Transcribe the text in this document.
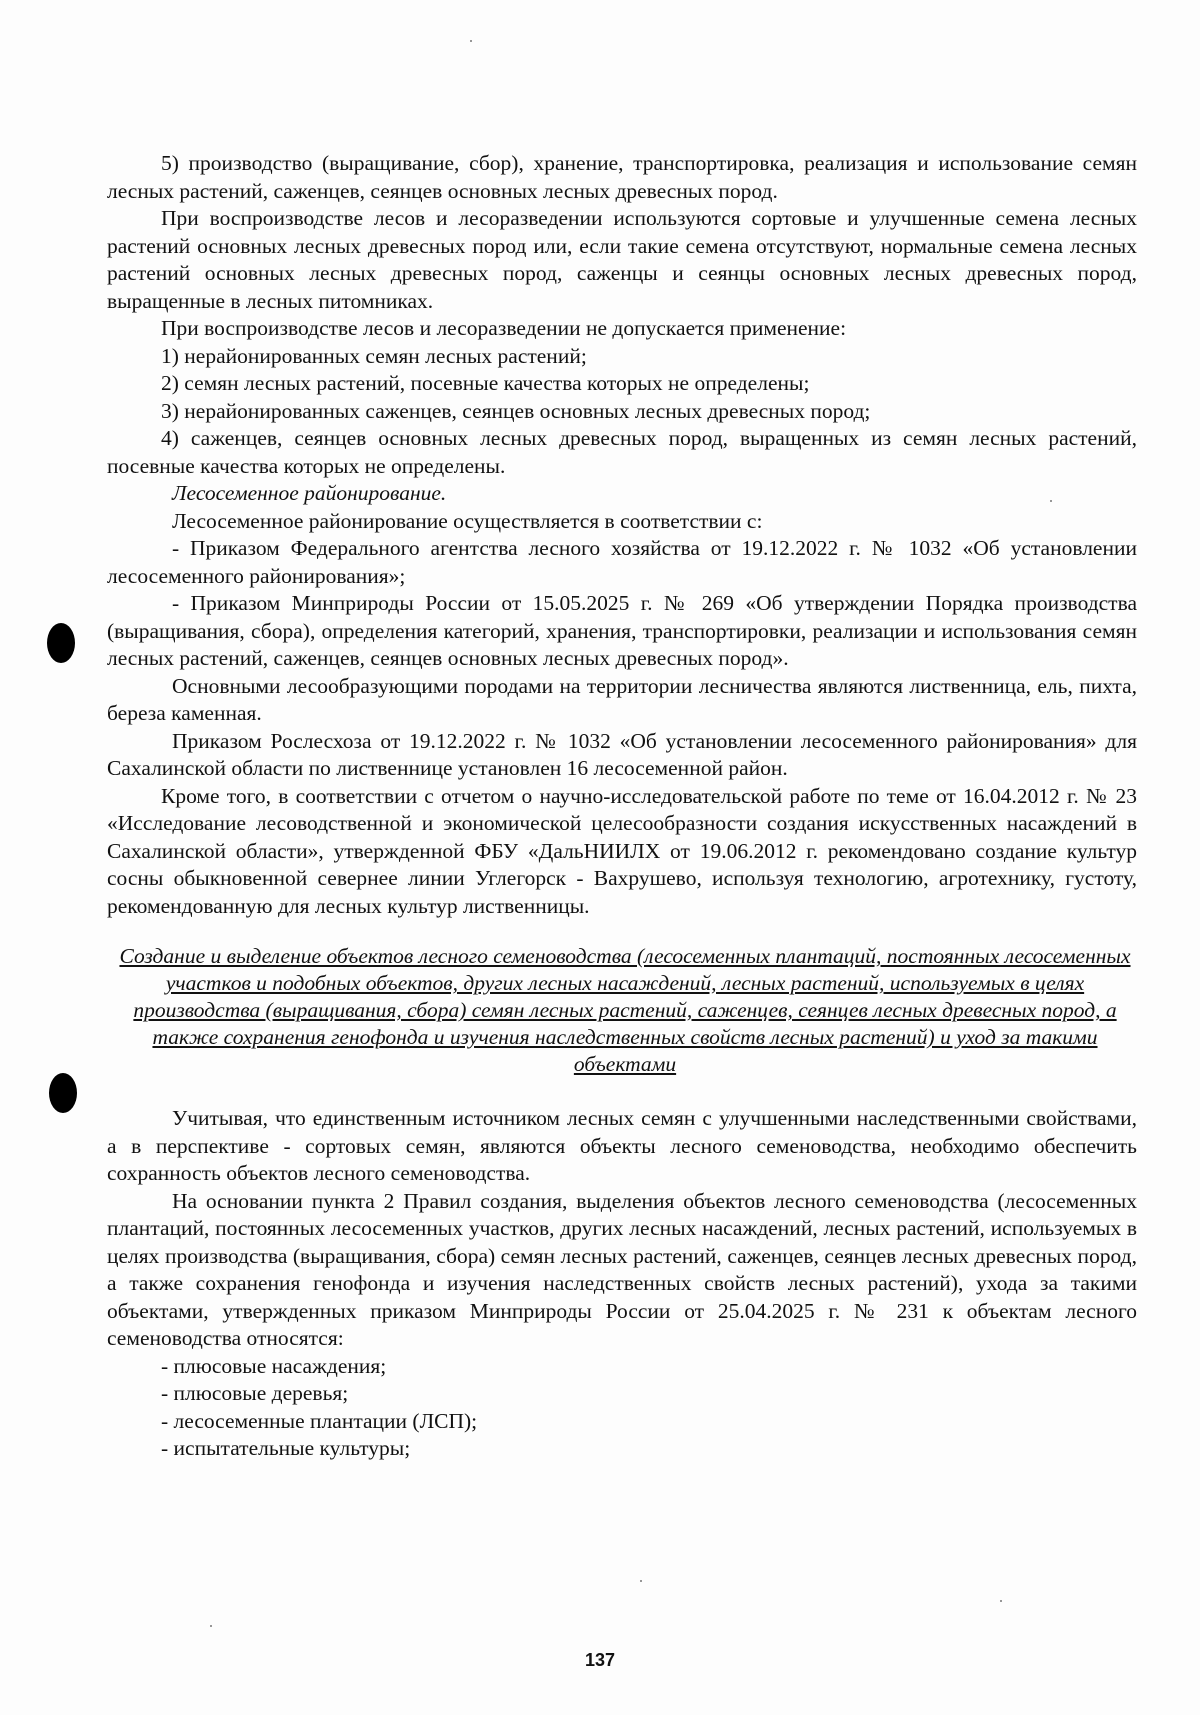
5) производство (выращивание, сбор), хранение, транспортировка, реализация и использование семян лесных растений, саженцев, сеянцев основных лесных древесных пород.

При воспроизводстве лесов и лесоразведении используются сортовые и улучшенные семена лесных растений основных лесных древесных пород или, если такие семена отсутствуют, нормальные семена лесных растений основных лесных древесных пород, саженцы и сеянцы основных лесных древесных пород, выращенные в лесных питомниках.

При воспроизводстве лесов и лесоразведении не допускается применение:

1) нерайонированных семян лесных растений;

2) семян лесных растений, посевные качества которых не определены;

3) нерайонированных саженцев, сеянцев основных лесных древесных пород;

4) саженцев, сеянцев основных лесных древесных пород, выращенных из семян лесных растений, посевные качества которых не определены.

Лесосеменное районирование.

Лесосеменное районирование осуществляется в соответствии с:

- Приказом Федерального агентства лесного хозяйства от 19.12.2022 г. № 1032 «Об установлении лесосеменного районирования»;

- Приказом Минприроды России от 15.05.2025 г. № 269 «Об утверждении Порядка производства (выращивания, сбора), определения категорий, хранения, транспортировки, реализации и использования семян лесных растений, саженцев, сеянцев основных лесных древесных пород».

Основными лесообразующими породами на территории лесничества являются лиственница, ель, пихта, береза каменная.

Приказом Рослесхоза от 19.12.2022 г. № 1032 «Об установлении лесосеменного районирования» для Сахалинской области по лиственнице установлен 16 лесосеменной район.

Кроме того, в соответствии с отчетом о научно-исследовательской работе по теме от 16.04.2012 г. № 23 «Исследование лесоводственной и экономической целесообразности создания искусственных насаждений в Сахалинской области», утвержденной ФБУ «ДальНИИЛХ от 19.06.2012 г. рекомендовано создание культур сосны обыкновенной севернее линии Углегорск - Вахрушево, используя технологию, агротехнику, густоту, рекомендованную для лесных культур лиственницы.

Создание и выделение объектов лесного семеноводства (лесосеменных плантаций, постоянных лесосеменных участков и подобных объектов, других лесных насаждений, лесных растений, используемых в целях производства (выращивания, сбора) семян лесных растений, саженцев, сеянцев лесных древесных пород, а также сохранения генофонда и изучения наследственных свойств лесных растений) и уход за такими объектами

Учитывая, что единственным источником лесных семян с улучшенными наследственными свойствами, а в перспективе - сортовых семян, являются объекты лесного семеноводства, необходимо обеспечить сохранность объектов лесного семеноводства.

На основании пункта 2 Правил создания, выделения объектов лесного семеноводства (лесосеменных плантаций, постоянных лесосеменных участков, других лесных насаждений, лесных растений, используемых в целях производства (выращивания, сбора) семян лесных растений, саженцев, сеянцев лесных древесных пород, а также сохранения генофонда и изучения наследственных свойств лесных растений), ухода за такими объектами, утвержденных приказом Минприроды России от 25.04.2025 г. № 231 к объектам лесного семеноводства относятся:

- плюсовые насаждения;

- плюсовые деревья;

- лесосеменные плантации (ЛСП);

- испытательные культуры;

137
